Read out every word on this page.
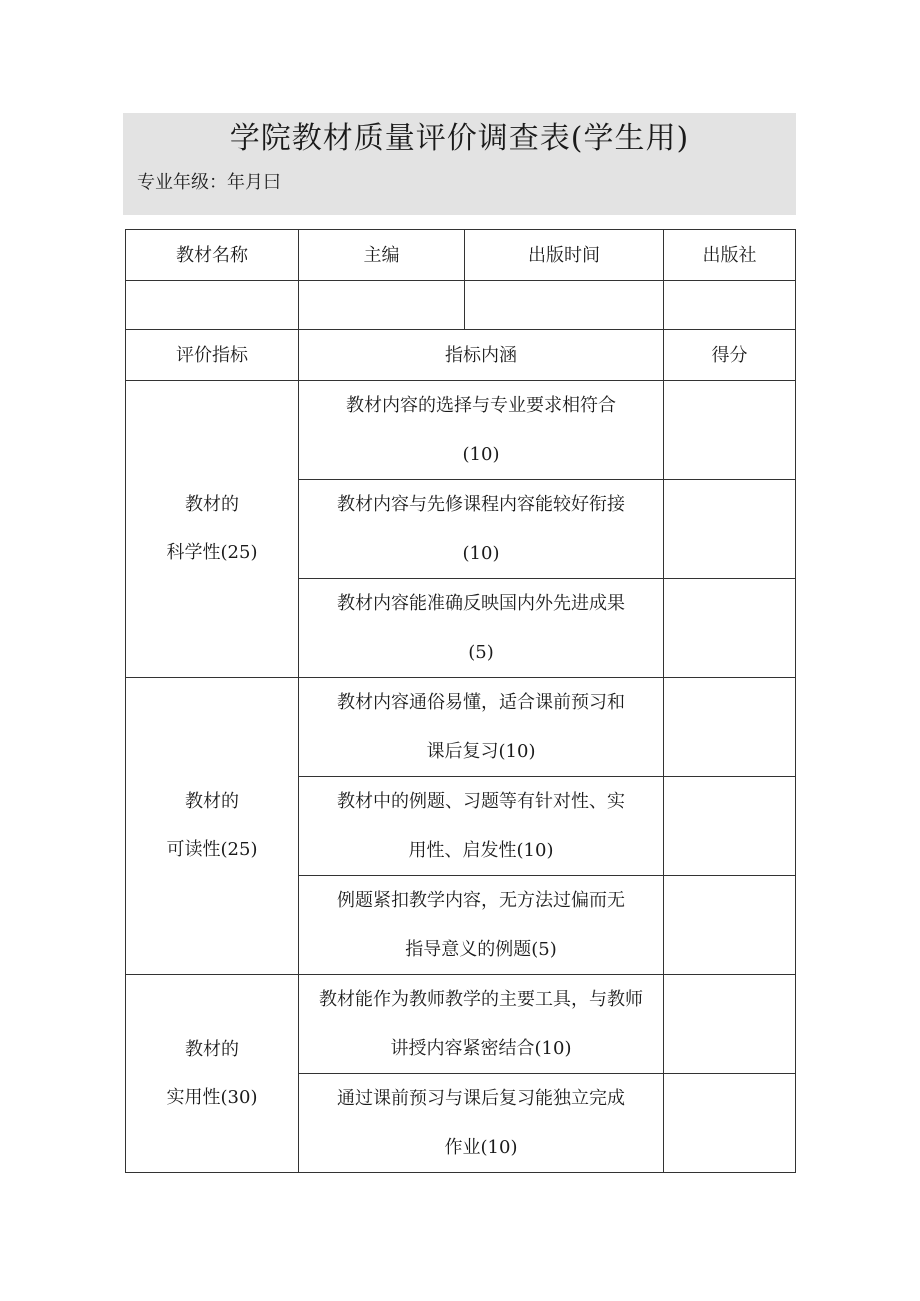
学院教材质量评价调查表(学生用)
专业年级：年月曰
教材名称	主编	出版时间	出版社

评价指标	指标内涵		得分

教材的
科学性(25)	教材内容的选择与专业要求相符合
(10)		

	教材内容与先修课程内容能较好衔接
(10)		

	教材内容能准确反映国内外先进成果
(5)		

教材的
可读性(25)	教材内容通俗易懂，适合课前预习和
课后复习(10)		

	教材中的例题、习题等有针对性、实
用性、启发性(10)		

	例题紧扣教学内容，无方法过偏而无
指导意义的例题(5)		

教材的
实用性(30)	教材能作为教师教学的主要工具，与教师
讲授内容紧密结合(10)		

	通过课前预习与课后复习能独立完成
作业(10)		
